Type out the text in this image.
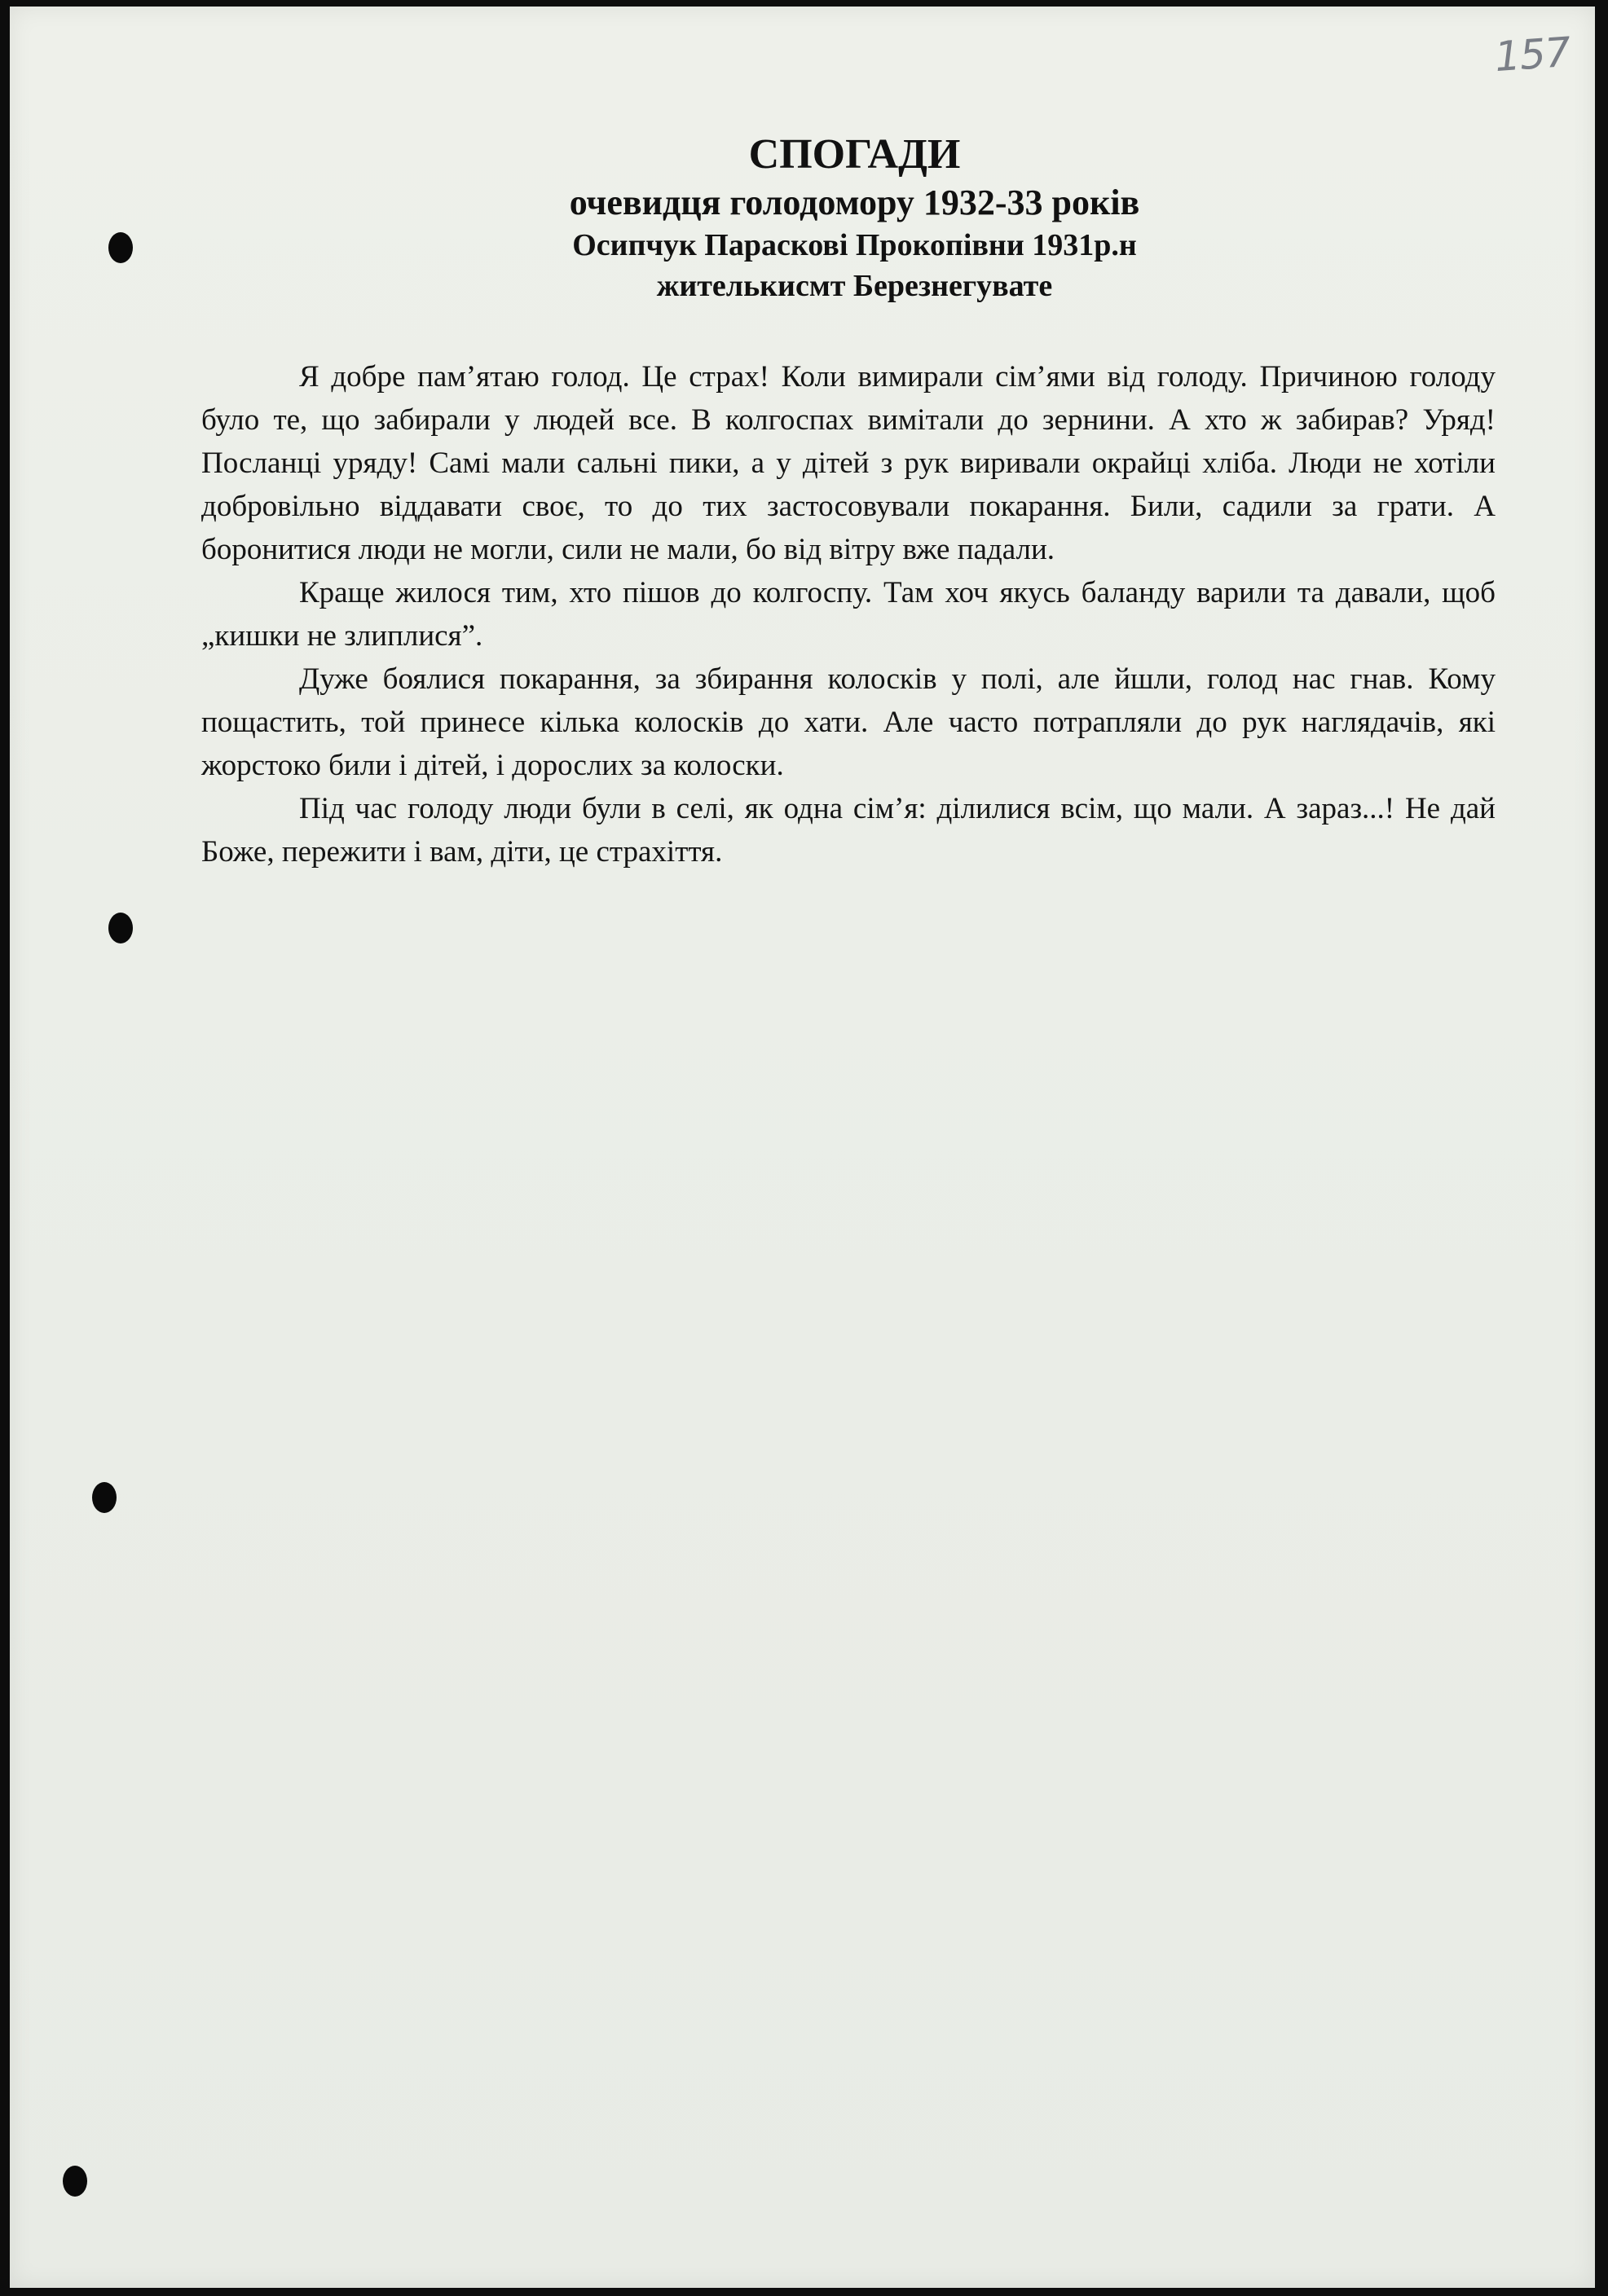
157
СПОГАДИ
очевидця голодомору 1932-33 років
Осипчук Параскові Прокопівни 1931р.н
жителькисмт Березнегувате

Я добре пам’ятаю голод. Це страх! Коли вимирали сім’ями від голоду. Причиною голоду було те, що забирали у людей все. В колгоспах вимітали до зернини. А хто ж забирав? Уряд! Посланці уряду! Самі мали сальні пики, а у дітей з рук виривали окрайці хліба. Люди не хотіли добровільно віддавати своє, то до тих застосовували покарання. Били, садили за грати. А боронитися люди не могли, сили не мали, бо від вітру вже падали.

Краще жилося тим, хто пішов до колгоспу. Там хоч якусь баланду варили та давали, щоб „кишки не злиплися”.

Дуже боялися покарання, за збирання колосків у полі, але йшли, голод нас гнав. Кому пощастить, той принесе кілька колосків до хати. Але часто потрапляли до рук наглядачів, які жорстоко били і дітей, і дорослих за колоски.

Під час голоду люди були в селі, як одна сім’я: ділилися всім, що мали. А зараз...! Не дай Боже, пережити і вам, діти, це страхіття.
